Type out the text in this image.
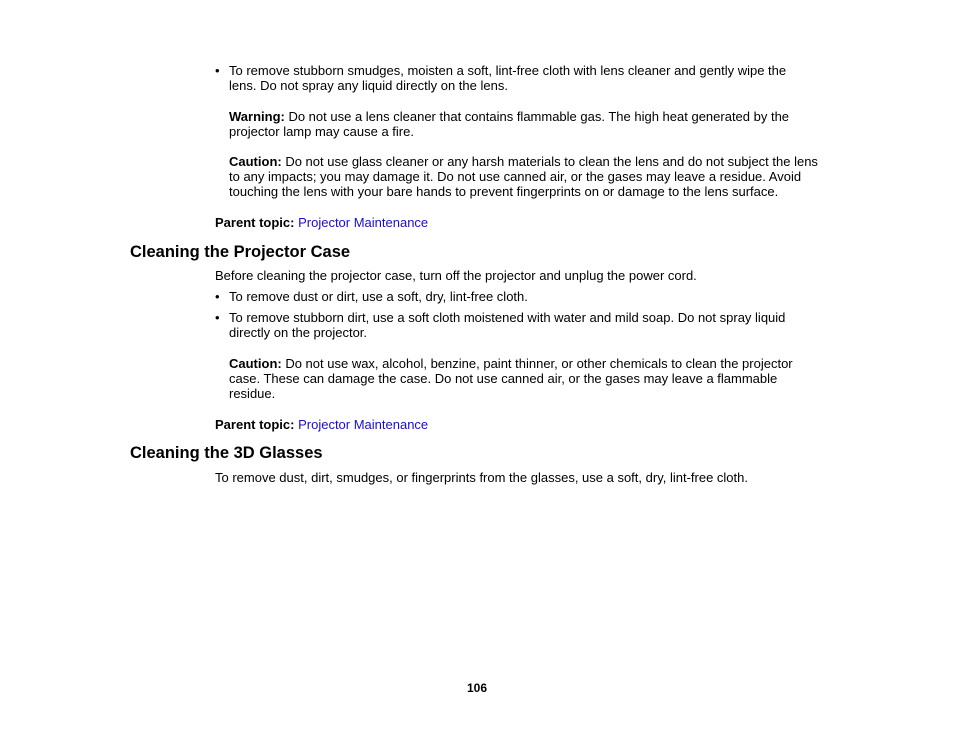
• To remove stubborn smudges, moisten a soft, lint-free cloth with lens cleaner and gently wipe the lens. Do not spray any liquid directly on the lens.
Warning: Do not use a lens cleaner that contains flammable gas. The high heat generated by the projector lamp may cause a fire.
Caution: Do not use glass cleaner or any harsh materials to clean the lens and do not subject the lens to any impacts; you may damage it. Do not use canned air, or the gases may leave a residue. Avoid touching the lens with your bare hands to prevent fingerprints on or damage to the lens surface.
Parent topic: Projector Maintenance
Cleaning the Projector Case
Before cleaning the projector case, turn off the projector and unplug the power cord.
• To remove dust or dirt, use a soft, dry, lint-free cloth.
• To remove stubborn dirt, use a soft cloth moistened with water and mild soap. Do not spray liquid directly on the projector.
Caution: Do not use wax, alcohol, benzine, paint thinner, or other chemicals to clean the projector case. These can damage the case. Do not use canned air, or the gases may leave a flammable residue.
Parent topic: Projector Maintenance
Cleaning the 3D Glasses
To remove dust, dirt, smudges, or fingerprints from the glasses, use a soft, dry, lint-free cloth.
106
